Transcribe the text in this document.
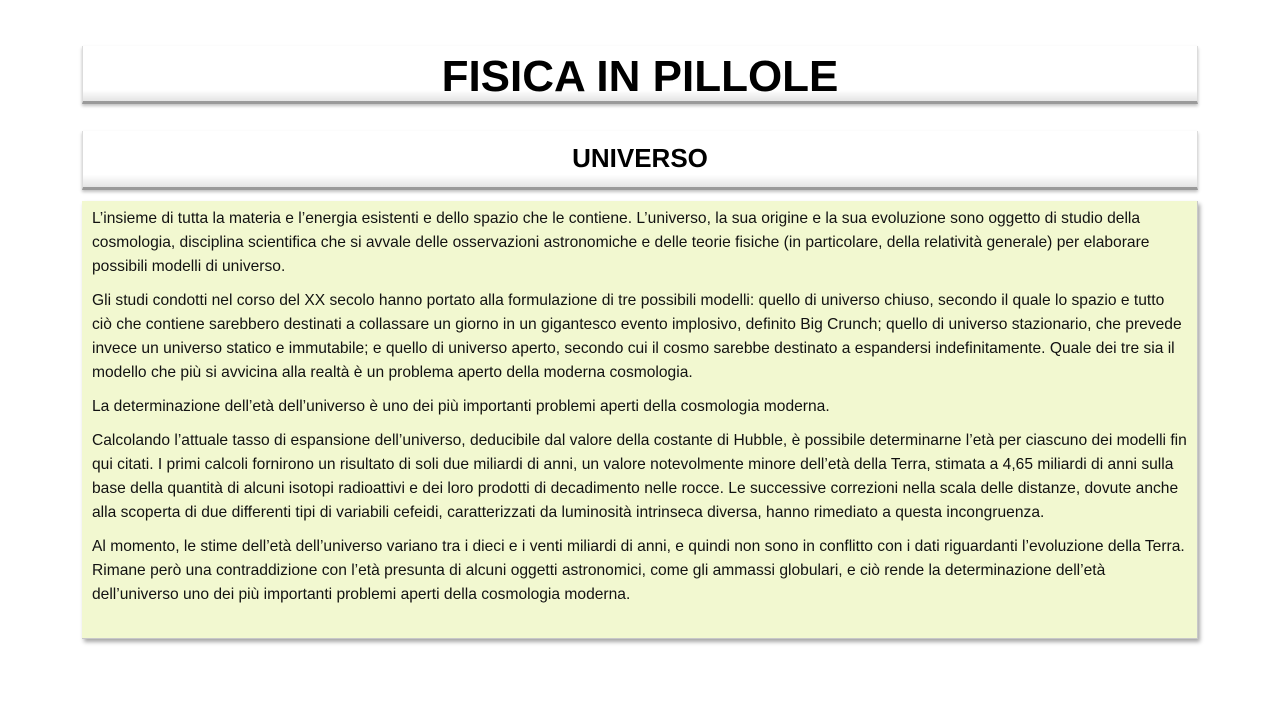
FISICA IN PILLOLE
UNIVERSO

L’insieme di tutta la materia e l’energia esistenti e dello spazio che le contiene. L’universo, la sua origine e la sua evoluzione sono oggetto di studio della cosmologia, disciplina scientifica che si avvale delle osservazioni astronomiche e delle teorie fisiche (in particolare, della relatività generale) per elaborare possibili modelli di universo.

Gli studi condotti nel corso del XX secolo hanno portato alla formulazione di tre possibili modelli: quello di universo chiuso, secondo il quale lo spazio e tutto ciò che contiene sarebbero destinati a collassare un giorno in un gigantesco evento implosivo, definito Big Crunch; quello di universo stazionario, che prevede invece un universo statico e immutabile; e quello di universo aperto, secondo cui il cosmo sarebbe destinato a espandersi indefinitamente. Quale dei tre sia il modello che più si avvicina alla realtà è un problema aperto della moderna cosmologia.

La determinazione dell’età dell’universo è uno dei più importanti problemi aperti della cosmologia moderna.

Calcolando l’attuale tasso di espansione dell’universo, deducibile dal valore della costante di Hubble, è possibile determinarne l’età per ciascuno dei modelli fin qui citati. I primi calcoli fornirono un risultato di soli due miliardi di anni, un valore notevolmente minore dell’età della Terra, stimata a 4,65 miliardi di anni sulla base della quantità di alcuni isotopi radioattivi e dei loro prodotti di decadimento nelle rocce. Le successive correzioni nella scala delle distanze, dovute anche alla scoperta di due differenti tipi di variabili cefeidi, caratterizzati da luminosità intrinseca diversa, hanno rimediato a questa incongruenza.

Al momento, le stime dell’età dell’universo variano tra i dieci e i venti miliardi di anni, e quindi non sono in conflitto con i dati riguardanti l’evoluzione della Terra. Rimane però una contraddizione con l’età presunta di alcuni oggetti astronomici, come gli ammassi globulari, e ciò rende la determinazione dell’età dell’universo uno dei più importanti problemi aperti della cosmologia moderna.
